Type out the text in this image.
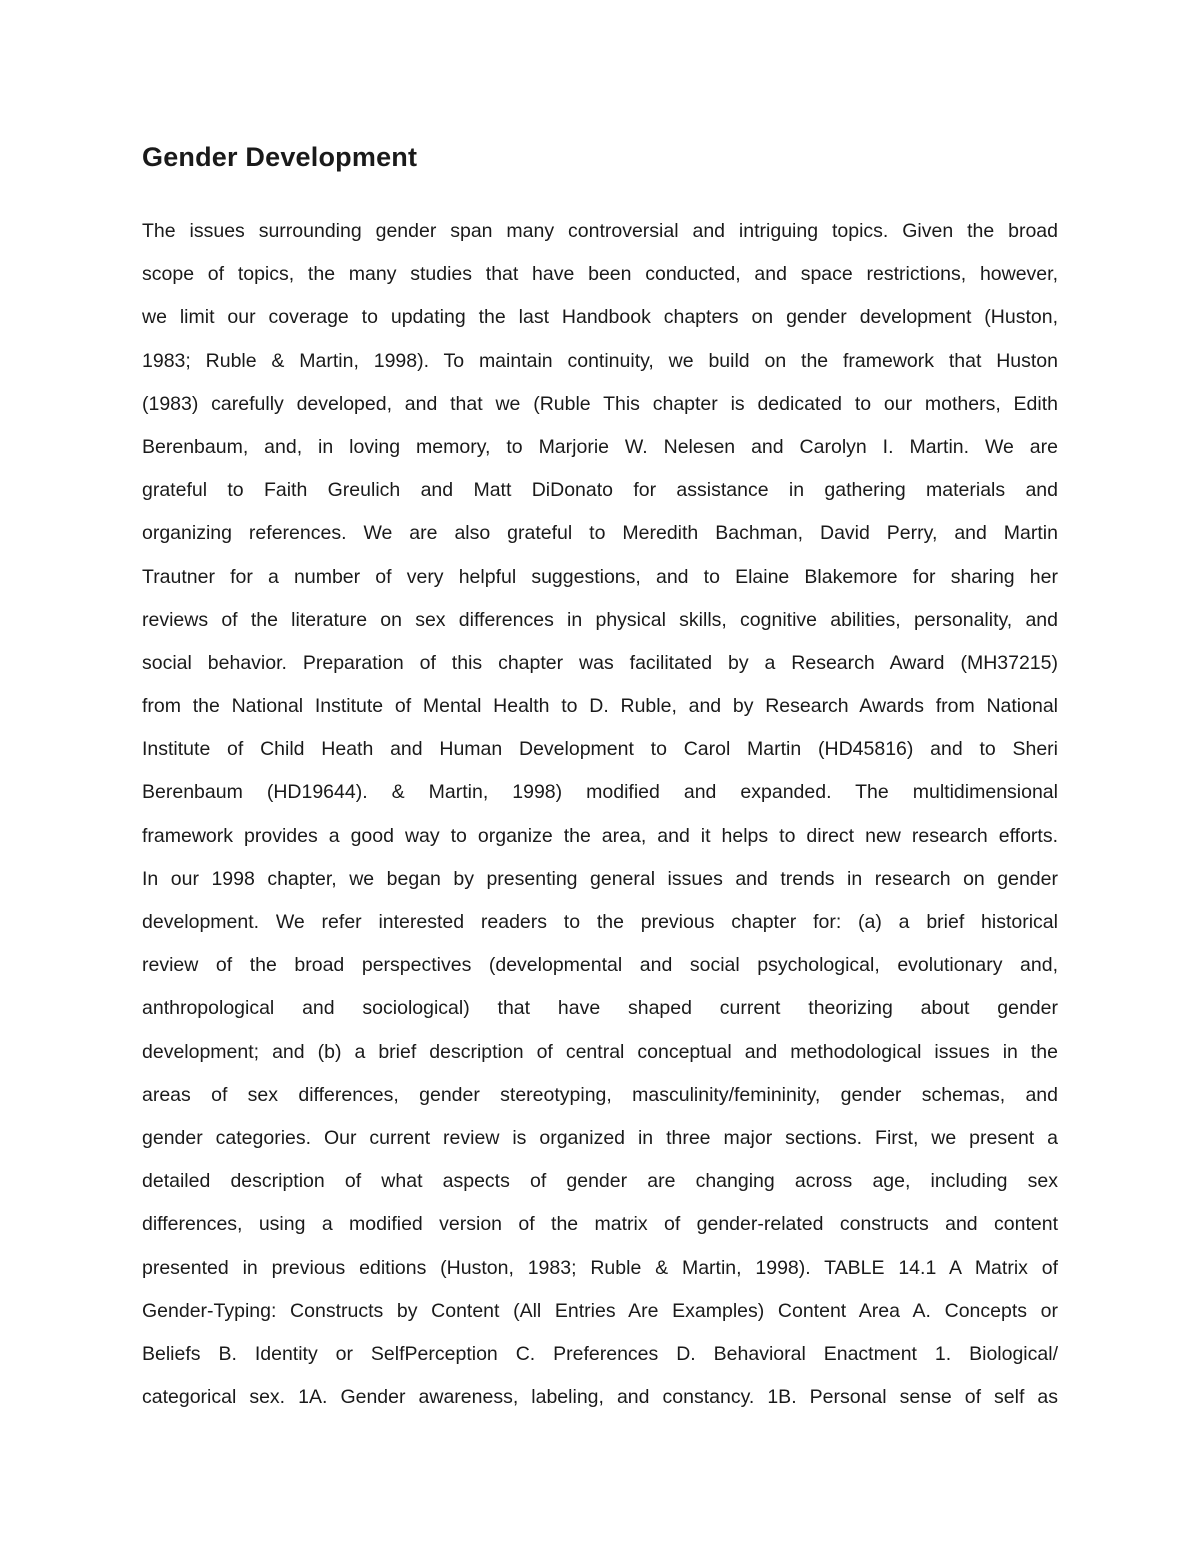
Gender Development
The issues surrounding gender span many controversial and intriguing topics. Given the broad
scope of topics, the many studies that have been conducted, and space restrictions, however,
we limit our coverage to updating the last Handbook chapters on gender development (Huston,
1983; Ruble & Martin, 1998). To maintain continuity, we build on the framework that Huston
(1983) carefully developed, and that we (Ruble This chapter is dedicated to our mothers, Edith
Berenbaum, and, in loving memory, to Marjorie W. Nelesen and Carolyn I. Martin. We are
grateful to Faith Greulich and Matt DiDonato for assistance in gathering materials and
organizing references. We are also grateful to Meredith Bachman, David Perry, and Martin
Trautner for a number of very helpful suggestions, and to Elaine Blakemore for sharing her
reviews of the literature on sex differences in physical skills, cognitive abilities, personality, and
social behavior. Preparation of this chapter was facilitated by a Research Award (MH37215)
from the National Institute of Mental Health to D. Ruble, and by Research Awards from National
Institute of Child Heath and Human Development to Carol Martin (HD45816) and to Sheri
Berenbaum (HD19644). & Martin, 1998) modified and expanded. The multidimensional
framework provides a good way to organize the area, and it helps to direct new research efforts.
In our 1998 chapter, we began by presenting general issues and trends in research on gender
development. We refer interested readers to the previous chapter for: (a) a brief historical
review of the broad perspectives (developmental and social psychological, evolutionary and,
anthropological and sociological) that have shaped current theorizing about gender
development; and (b) a brief description of central conceptual and methodological issues in the
areas of sex differences, gender stereotyping, masculinity/femininity, gender schemas, and
gender categories. Our current review is organized in three major sections. First, we present a
detailed description of what aspects of gender are changing across age, including sex
differences, using a modified version of the matrix of gender-related constructs and content
presented in previous editions (Huston, 1983; Ruble & Martin, 1998). TABLE 14.1 A Matrix of
Gender-Typing: Constructs by Content (All Entries Are Examples) Content Area A. Concepts or
Beliefs B. Identity or SelfPerception C. Preferences D. Behavioral Enactment 1. Biological/
categorical sex. 1A. Gender awareness, labeling, and constancy. 1B. Personal sense of self as
